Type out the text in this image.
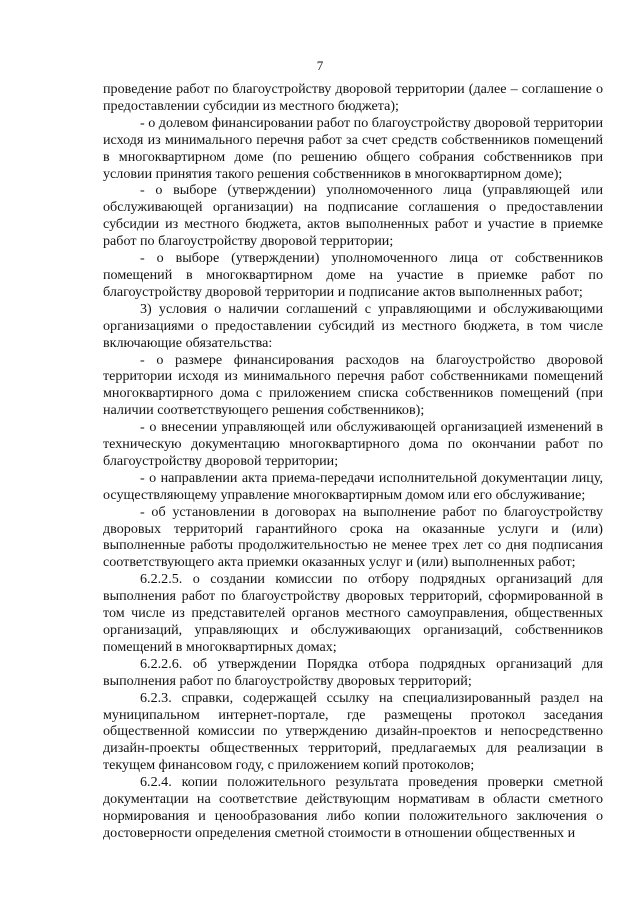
7

проведение работ по благоустройству дворовой территории (далее – соглашение о предоставлении субсидии из местного бюджета);

- о долевом финансировании работ по благоустройству дворовой территории исходя из минимального перечня работ за счет средств собственников помещений в многоквартирном доме (по решению общего собрания собственников при условии принятия такого решения собственников в многоквартирном доме);

- о выборе (утверждении) уполномоченного лица (управляющей или обслуживающей организации) на подписание соглашения о предоставлении субсидии из местного бюджета, актов выполненных работ и участие в приемке работ по благоустройству дворовой территории;

- о выборе (утверждении) уполномоченного лица от собственников помещений в многоквартирном доме на участие в приемке работ по благоустройству дворовой территории и подписание актов выполненных работ;

3) условия о наличии соглашений с управляющими и обслуживающими организациями о предоставлении субсидий из местного бюджета, в том числе включающие обязательства:

- о размере финансирования расходов на благоустройство дворовой территории исходя из минимального перечня работ собственниками помещений многоквартирного дома с приложением списка собственников помещений (при наличии соответствующего решения собственников);

- о внесении управляющей или обслуживающей организацией изменений в техническую документацию многоквартирного дома по окончании работ по благоустройству дворовой территории;

- о направлении акта приема-передачи исполнительной документации лицу, осуществляющему управление многоквартирным домом или его обслуживание;

- об установлении в договорах на выполнение работ по благоустройству дворовых территорий гарантийного срока на оказанные услуги и (или) выполненные работы продолжительностью не менее трех лет со дня подписания соответствующего акта приемки оказанных услуг и (или) выполненных работ;

6.2.2.5. о создании комиссии по отбору подрядных организаций для выполнения работ по благоустройству дворовых территорий, сформированной в том числе из представителей органов местного самоуправления, общественных организаций, управляющих и обслуживающих организаций, собственников помещений в многоквартирных домах;

6.2.2.6. об утверждении Порядка отбора подрядных организаций для выполнения работ по благоустройству дворовых территорий;

6.2.3. справки, содержащей ссылку на специализированный раздел на муниципальном интернет-портале, где размещены протокол заседания общественной комиссии по утверждению дизайн-проектов и непосредственно дизайн-проекты общественных территорий, предлагаемых для реализации в текущем финансовом году, с приложением копий протоколов;

6.2.4. копии положительного результата проведения проверки сметной документации на соответствие действующим нормативам в области сметного нормирования и ценообразования либо копии положительного заключения о достоверности определения сметной стоимости в отношении общественных и
